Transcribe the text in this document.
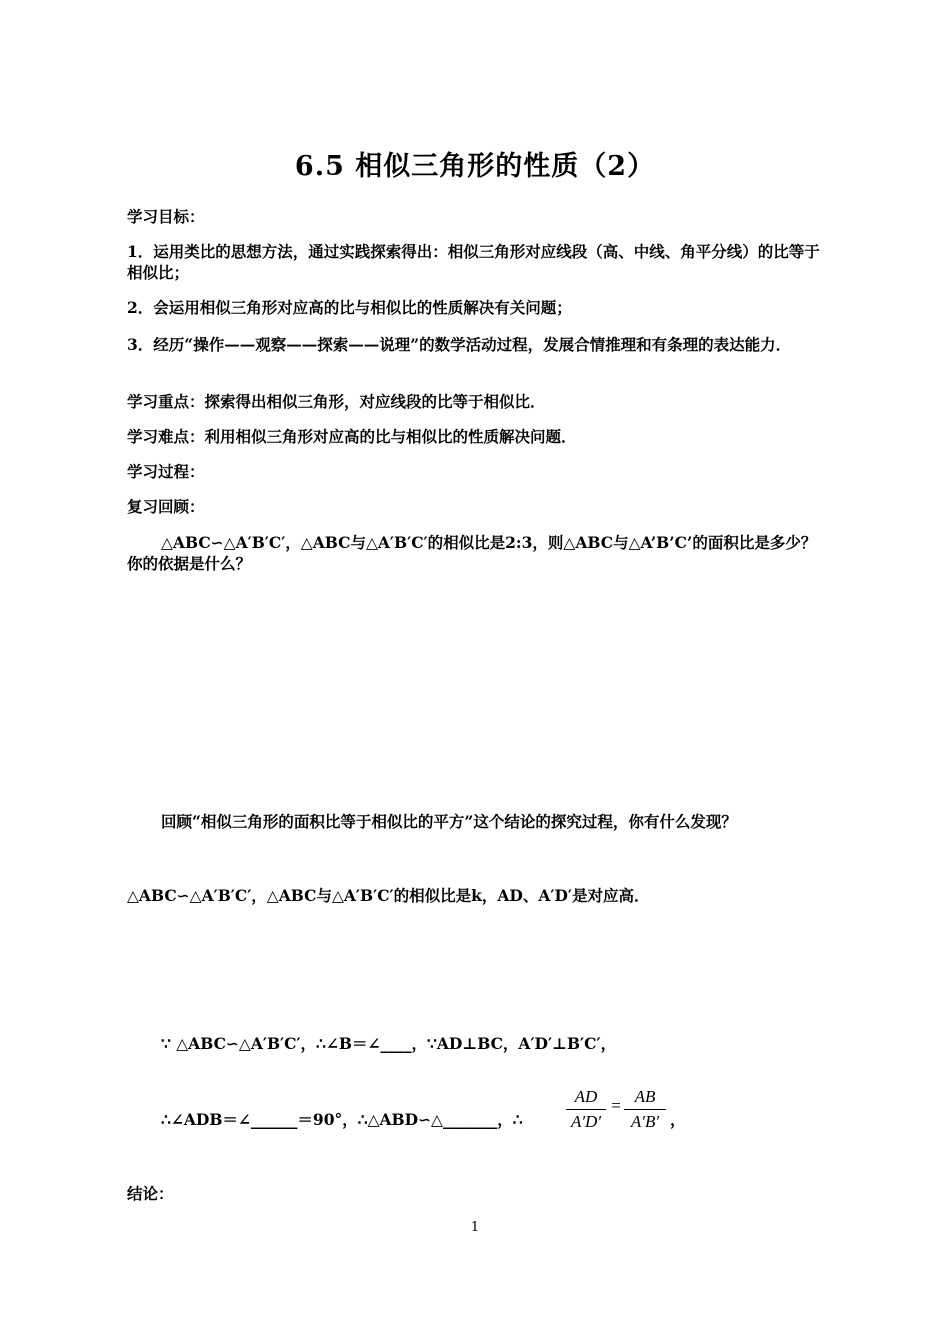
6.5 相似三角形的性质（2）
学习目标：
1．运用类比的思想方法，通过实践探索得出：相似三角形对应线段（高、中线、角平分线）的比等于相似比；
2．会运用相似三角形对应高的比与相似比的性质解决有关问题；
3．经历“操作——观察——探索——说理”的数学活动过程，发展合情推理和有条理的表达能力．
学习重点：探索得出相似三角形，对应线段的比等于相似比．
学习难点：利用相似三角形对应高的比与相似比的性质解决问题．
学习过程：
复习回顾：
△ABC∽△A′B′C′，△ABC与△A′B′C′的相似比是2:3，则△ABC与△A’B’C’的面积比是多少？你的依据是什么？
回顾“相似三角形的面积比等于相似比的平方”这个结论的探究过程，你有什么发现？
△ABC∽△A′B′C′，△ABC与△A′B′C′的相似比是k，AD、A′D′是对应高．
∵ △ABC∽△A′B′C′，∴∠B＝∠____，∵AD⊥BC，A′D′⊥B′C′，
∴∠ADB＝∠______＝90°，∴△ABD∽△_______，∴
AD
A′D′
= AB
A′B′ ，
结论：
1
